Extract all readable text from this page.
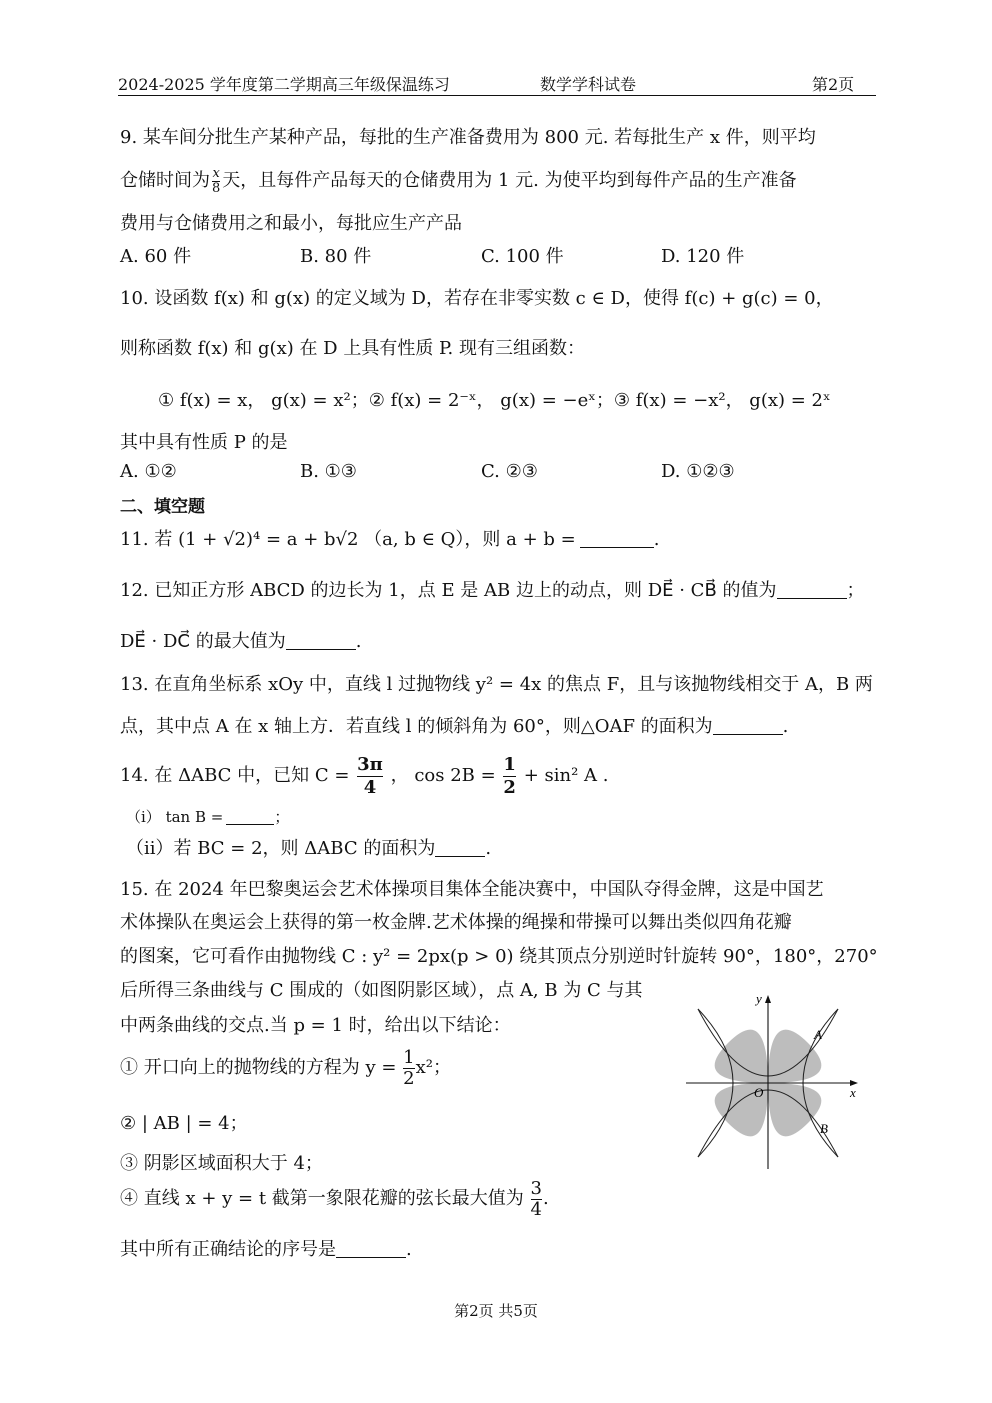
2024-2025 学年度第二学期高三年级保温练习	数学学科试卷	第2页
9. 某车间分批生产某种产品，每批的生产准备费用为 800 元. 若每批生产 x 件，则平均
仓储时间为 $\frac{x}{8}$ 天，且每件产品每天的仓储费用为 1 元. 为使平均到每件产品的生产准备
费用与仓储费用之和最小，每批应生产产品
A. 60 件	B. 80 件	C. 100 件	D. 120 件
10. 设函数 f(x) 和 g(x) 的定义域为 D，若存在非零实数 c ∈ D，使得 f(c) + g(c) = 0，
则称函数 f(x) 和 g(x) 在 D 上具有性质 P. 现有三组函数：
① f(x) = x， g(x) = x²；② f(x) = 2⁻ˣ， g(x) = −eˣ；③ f(x) = −x²， g(x) = 2ˣ
其中具有性质 P 的是
A. ①②	B. ①③	C. ②③	D. ①②③
二、填空题
11. 若 (1 + √2)⁴ = a + b√2 （a, b ∈ Q），则 a + b =	.
12. 已知正方形 ABCD 的边长为 1，点 E 是 AB 边上的动点，则 DE⃗ · CB⃗ 的值为	；
DE⃗ · DC⃗ 的最大值为	.
13. 在直角坐标系 xOy 中，直线 l 过抛物线 y² = 4x 的焦点 F，且与该抛物线相交于 A，B 两
点，其中点 A 在 x 轴上方．若直线 l 的倾斜角为 60°，则△OAF 的面积为	.
14. 在 ΔABC 中，已知 $C = \frac{3\pi}{4}$ ， $\cos 2B = \frac{1}{2} + \sin^2$ A .
（ⅰ） tan B =	；
（ⅱ）若 BC = 2，则 ΔABC 的面积为	.
15. 在 2024 年巴黎奥运会艺术体操项目集体全能决赛中，中国队夺得金牌，这是中国艺
术体操队在奥运会上获得的第一枚金牌.艺术体操的绳操和带操可以舞出类似四角花瓣
的图案，它可看作由抛物线 C : y² = 2px(p > 0) 绕其顶点分别逆时针旋转 90°，180°，270°
后所得三条曲线与 C 围成的（如图阴影区域），点 A, B 为 C 与其
中两条曲线的交点.当 p = 1 时，给出以下结论：
① 开口向上的抛物线的方程为 $y = \frac{1}{2} x^2$；
② | AB | = 4；
③ 阴影区域面积大于 4；
④ 直线 x + y = t 截第一象限花瓣的弦长最大值为 $\frac{3}{4}$ .
其中所有正确结论的序号是	.
y
x
O
A
B
第2页 共5页
